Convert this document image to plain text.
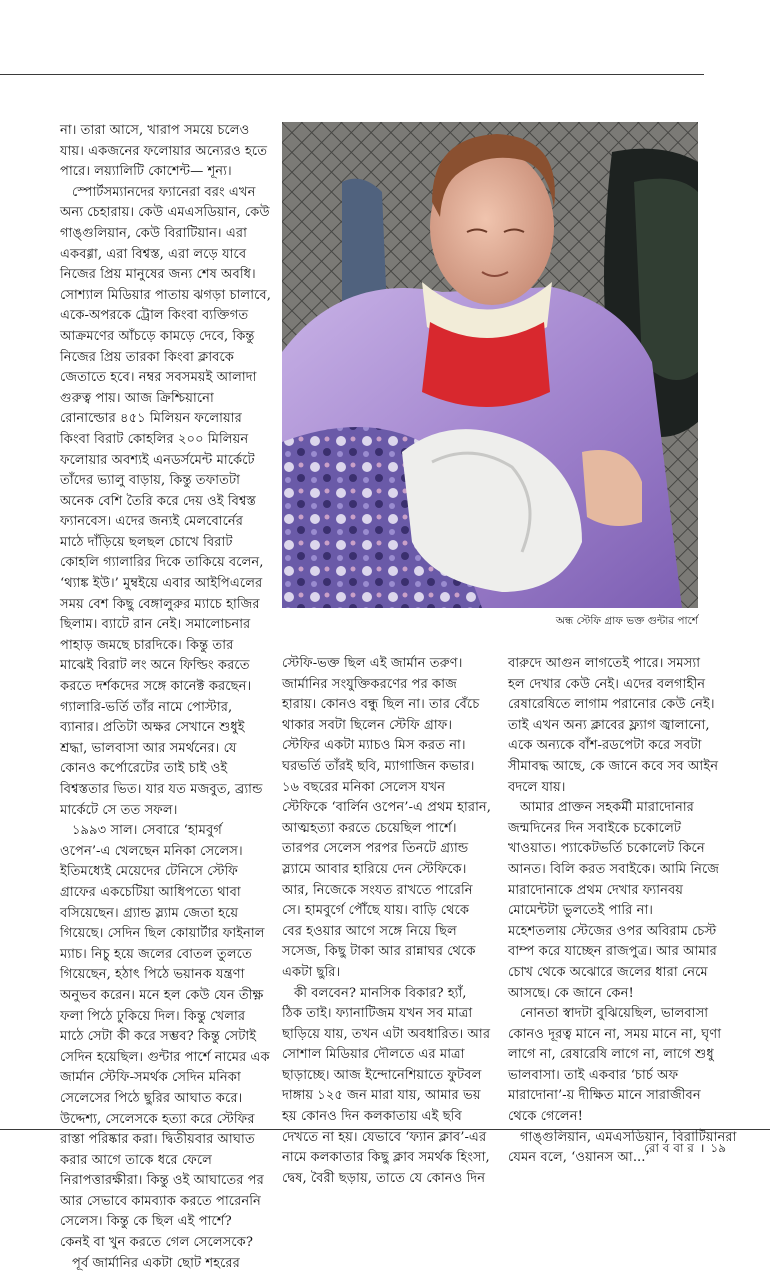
না। তারা আসে, খারাপ সময়ে চলেও
যায়। একজনের ফলোয়ার অন্যেরও হতে
পারে। লয়্যালিটি কোশেন্ট— শূন্য।

স্পোর্টসম্যানদের ফ্যানেরা বরং এখন
অন্য চেহারায়। কেউ এমএসডিয়ান, কেউ
গাঙ্গুলিয়ান, কেউ বিরাটিয়ান। এরা
একবগ্গা, এরা বিশ্বস্ত, এরা লড়ে যাবে
নিজের প্রিয় মানুষের জন্য শেষ অবধি।
সোশ্যাল মিডিয়ার পাতায় ঝগড়া চালাবে,
একে-অপরকে ট্রোল কিংবা ব্যক্তিগত
আক্রমণের আঁচড়ে কামড়ে দেবে, কিন্তু
নিজের প্রিয় তারকা কিংবা ক্লাবকে
জেতাতে হবে। নম্বর সবসময়ই আলাদা
গুরুত্ব পায়। আজ ক্রিশ্চিয়ানো
রোনাল্ডোর ৪৫১ মিলিয়ন ফলোয়ার
কিংবা বিরাট কোহলির ২০০ মিলিয়ন
ফলোয়ার অবশ্যই এনডর্সমেন্ট মার্কেটে
তাঁদের ভ্যালু বাড়ায়, কিন্তু তফাতটা
অনেক বেশি তৈরি করে দেয় ওই বিশ্বস্ত
ফ্যানবেস। এদের জন্যই মেলবোর্নের
মাঠে দাঁড়িয়ে ছলছল চোখে বিরাট
কোহলি গ্যালারির দিকে তাকিয়ে বলেন,
‘থ্যাঙ্ক ইউ।’ মুম্বইয়ে এবার আইপিএলের
সময় বেশ কিছু বেঙ্গালুরুর ম্যাচে হাজির
ছিলাম। ব্যাটে রান নেই। সমালোচনার
পাহাড় জমছে চারদিকে। কিন্তু তার
মাঝেই বিরাট লং অনে ফিল্ডিং করতে
করতে দর্শকদের সঙ্গে কানেক্ট করছেন।
গ্যালারি-ভর্তি তাঁর নামে পোস্টার,
ব্যানার। প্রতিটা অক্ষর সেখানে শুধুই
শ্রদ্ধা, ভালবাসা আর সমর্থনের। যে
কোনও কর্পোরেটের তাই চাই ওই
বিশ্বস্ততার ভিত। যার যত মজবুত, ব্র্যান্ড
মার্কেটে সে তত সফল।

১৯৯৩ সাল। সেবারে ‘হামবুর্গ
ওপেন’-এ খেলছেন মনিকা সেলেস।
ইতিমধ্যেই মেয়েদের টেনিসে স্টেফি
গ্রাফের একচেটিয়া আধিপত্যে থাবা
বসিয়েছেন। গ্র্যান্ড স্ল্যাম জেতা হয়ে
গিয়েছে। সেদিন ছিল কোয়ার্টার ফাইনাল
ম্যাচ। নিচু হয়ে জলের বোতল তুলতে
গিয়েছেন, হঠাৎ পিঠে ভয়ানক যন্ত্রণা
অনুভব করেন। মনে হল কেউ যেন তীক্ষ্ণ
ফলা পিঠে ঢুকিয়ে দিল। কিন্তু খেলার
মাঠে সেটা কী করে সম্ভব? কিন্তু সেটাই
সেদিন হয়েছিল। গুন্টার পার্শে নামের এক
জার্মান স্টেফি-সমর্থক সেদিন মনিকা
সেলেসের পিঠে ছুরির আঘাত করে।
উদ্দেশ্য, সেলেসকে হত্যা করে স্টেফির
রাস্তা পরিষ্কার করা। দ্বিতীয়বার আঘাত
করার আগে তাকে ধরে ফেলে
নিরাপত্তারক্ষীরা। কিন্তু ওই আঘাতের পর
আর সেভাবে কামব্যাক করতে পারেননি
সেলেস। কিন্তু কে ছিল এই পার্শে?
কেনই বা খুন করতে গেল সেলেসকে?

পূর্ব জার্মানির একটা ছোট শহরের

স্টেফি-ভক্ত ছিল এই জার্মান তরুণ।
জার্মানির সংযুক্তিকরণের পর কাজ
হারায়। কোনও বন্ধু ছিল না। তার বেঁচে
থাকার সবটা ছিলেন স্টেফি গ্রাফ।
স্টেফির একটা ম্যাচও মিস করত না।
ঘরভর্তি তাঁরই ছবি, ম্যাগাজিন কভার।
১৬ বছরের মনিকা সেলেস যখন
স্টেফিকে ‘বার্লিন ওপেন’-এ প্রথম হারান,
আত্মহত্যা করতে চেয়েছিল পার্শে।
তারপর সেলেস পরপর তিনটে গ্র্যান্ড
স্ল্যামে আবার হারিয়ে দেন স্টেফিকে।
আর, নিজেকে সংযত রাখতে পারেনি
সে। হামবুর্গে পৌঁছে যায়। বাড়ি থেকে
বের হওয়ার আগে সঙ্গে নিয়ে ছিল
সসেজ, কিছু টাকা আর রান্নাঘর থেকে
একটা ছুরি।

কী বলবেন? মানসিক বিকার? হ্যাঁ,
ঠিক তাই। ফ্যানাটিজম যখন সব মাত্রা
ছাড়িয়ে যায়, তখন এটা অবধারিত। আর
সোশাল মিডিয়ার দৌলতে এর মাত্রা
ছাড়াচ্ছে। আজ ইন্দোনেশিয়াতে ফুটবল
দাঙ্গায় ১২৫ জন মারা যায়, আমার ভয়
হয় কোনও দিন কলকাতায় এই ছবি
দেখতে না হয়। যেভাবে ‘ফ্যান ক্লাব’-এর
নামে কলকাতার কিছু ক্লাব সমর্থক হিংসা,
দ্বেষ, বৈরী ছড়ায়, তাতে যে কোনও দিন

বারুদে আগুন লাগতেই পারে। সমস্যা
হল দেখার কেউ নেই। এদের বলগাহীন
রেষারেষিতে লাগাম পরানোর কেউ নেই।
তাই এখন অন্য ক্লাবের ফ্ল্যাগ জ্বালানো,
একে অন্যকে বাঁশ-রডপেটা করে সবটা
সীমাবদ্ধ আছে, কে জানে কবে সব আইন
বদলে যায়।

আমার প্রাক্তন সহকর্মী মারাদোনার
জন্মদিনের দিন সবাইকে চকোলেট
খাওয়াত। প্যাকেটভর্তি চকোলেট কিনে
আনত। বিলি করত সবাইকে। আমি নিজে
মারাদোনাকে প্রথম দেখার ফ্যানবয়
মোমেন্টটা ভুলতেই পারি না।
মহেশতলায় স্টেজের ওপর অবিরাম চেস্ট
বাম্প করে যাচ্ছেন রাজপুত্র। আর আমার
চোখ থেকে অঝোরে জলের ধারা নেমে
আসছে। কে জানে কেন!

নোনতা স্বাদটা বুঝিয়েছিল, ভালবাসা
কোনও দূরত্ব মানে না, সময় মানে না, ঘৃণা
লাগে না, রেষারেষি লাগে না, লাগে শুধু
ভালবাসা। তাই একবার ‘চার্চ অফ
মারাদোনা’-য় দীক্ষিত মানে সারাজীবন
থেকে গেলেন!

গাঙ্গুলিয়ান, এমএসডিয়ান, বিরাটিয়ানরা
যেমন বলে, ‘ওয়ানস আ...’

অন্ধ স্টেফি গ্রাফ ভক্ত গুন্টার পার্শে
রো ব বা র । ১৯
